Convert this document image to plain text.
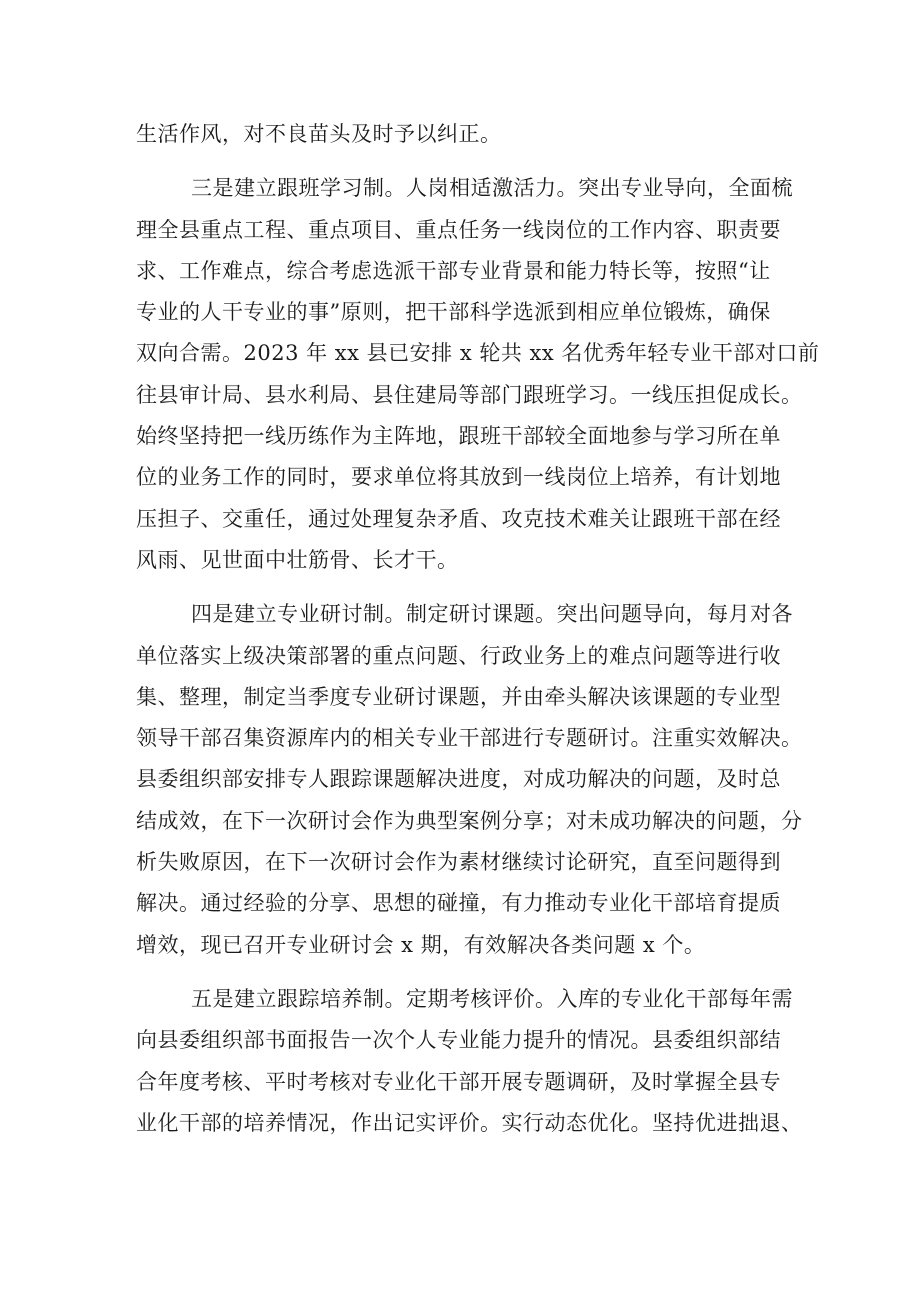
生活作风，对不良苗头及时予以纠正。
三是建立跟班学习制。人岗相适激活力。突出专业导向，全面梳
理全县重点工程、重点项目、重点任务一线岗位的工作内容、职责要
求、工作难点，综合考虑选派干部专业背景和能力特长等，按照“让
专业的人干专业的事”原则，把干部科学选派到相应单位锻炼，确保
双向合需。2023 年 xx 县已安排 x 轮共 xx 名优秀年轻专业干部对口前
往县审计局、县水利局、县住建局等部门跟班学习。一线压担促成长。
始终坚持把一线历练作为主阵地，跟班干部较全面地参与学习所在单
位的业务工作的同时，要求单位将其放到一线岗位上培养，有计划地
压担子、交重任，通过处理复杂矛盾、攻克技术难关让跟班干部在经
风雨、见世面中壮筋骨、长才干。
四是建立专业研讨制。制定研讨课题。突出问题导向，每月对各
单位落实上级决策部署的重点问题、行政业务上的难点问题等进行收
集、整理，制定当季度专业研讨课题，并由牵头解决该课题的专业型
领导干部召集资源库内的相关专业干部进行专题研讨。注重实效解决。
县委组织部安排专人跟踪课题解决进度，对成功解决的问题，及时总
结成效，在下一次研讨会作为典型案例分享；对未成功解决的问题，分
析失败原因，在下一次研讨会作为素材继续讨论研究，直至问题得到
解决。通过经验的分享、思想的碰撞，有力推动专业化干部培育提质
增效，现已召开专业研讨会 x 期，有效解决各类问题 x 个。
五是建立跟踪培养制。定期考核评价。入库的专业化干部每年需
向县委组织部书面报告一次个人专业能力提升的情况。县委组织部结
合年度考核、平时考核对专业化干部开展专题调研，及时掌握全县专
业化干部的培养情况，作出记实评价。实行动态优化。坚持优进拙退、
